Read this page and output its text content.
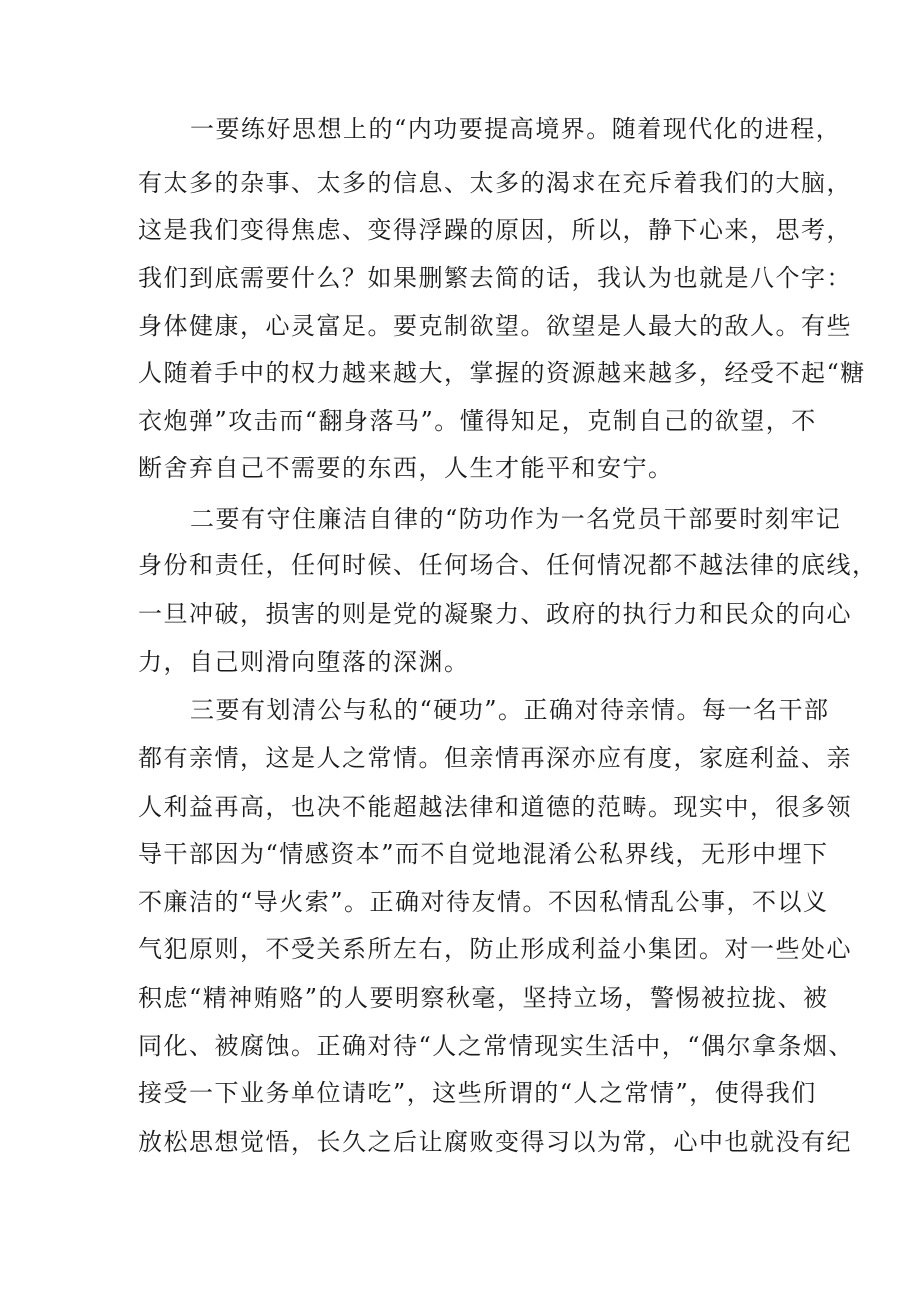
一要练好思想上的“内功要提高境界。随着现代化的进程，
有太多的杂事、太多的信息、太多的渴求在充斥着我们的大脑，
这是我们变得焦虑、变得浮躁的原因，所以，静下心来，思考，
我们到底需要什么？如果删繁去简的话，我认为也就是八个字：
身体健康，心灵富足。要克制欲望。欲望是人最大的敌人。有些
人随着手中的权力越来越大，掌握的资源越来越多，经受不起“糖
衣炮弹”攻击而“翻身落马”。懂得知足，克制自己的欲望，不
断舍弃自己不需要的东西，人生才能平和安宁。
二要有守住廉洁自律的“防功作为一名党员干部要时刻牢记
身份和责任，任何时候、任何场合、任何情况都不越法律的底线，
一旦冲破，损害的则是党的凝聚力、政府的执行力和民众的向心
力，自己则滑向堕落的深渊。
三要有划清公与私的“硬功”。正确对待亲情。每一名干部
都有亲情，这是人之常情。但亲情再深亦应有度，家庭利益、亲
人利益再高，也决不能超越法律和道德的范畴。现实中，很多领
导干部因为“情感资本”而不自觉地混淆公私界线，无形中埋下
不廉洁的“导火索”。正确对待友情。不因私情乱公事，不以义
气犯原则，不受关系所左右，防止形成利益小集团。对一些处心
积虑“精神贿赂”的人要明察秋毫，坚持立场，警惕被拉拢、被
同化、被腐蚀。正确对待“人之常情现实生活中，“偶尔拿条烟、
接受一下业务单位请吃”，这些所谓的“人之常情”，使得我们
放松思想觉悟，长久之后让腐败变得习以为常，心中也就没有纪
